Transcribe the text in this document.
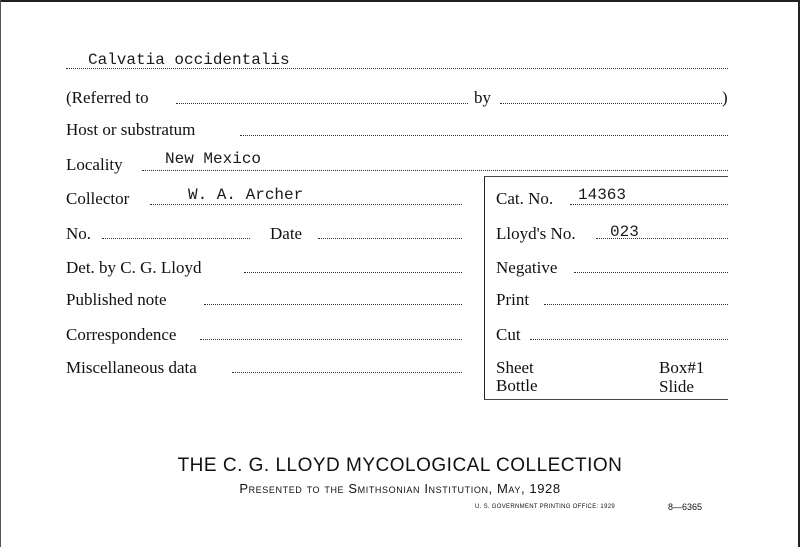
Calvatia occidentalis
(Referred to	by	)
Host or substratum
Locality	New Mexico
Collector	W. A. Archer	Cat. No. 14363
No.	Date	Lloyd's No. 023
Det. by C. G. Lloyd	Negative
Published note	Print
Correspondence	Cut
Miscellaneous data	Sheet	Box#1
Bottle	Slide
THE C. G. LLOYD MYCOLOGICAL COLLECTION
Presented to the Smithsonian Institution, May, 1928
U. S. GOVERNMENT PRINTING OFFICE: 1929	8—6365
